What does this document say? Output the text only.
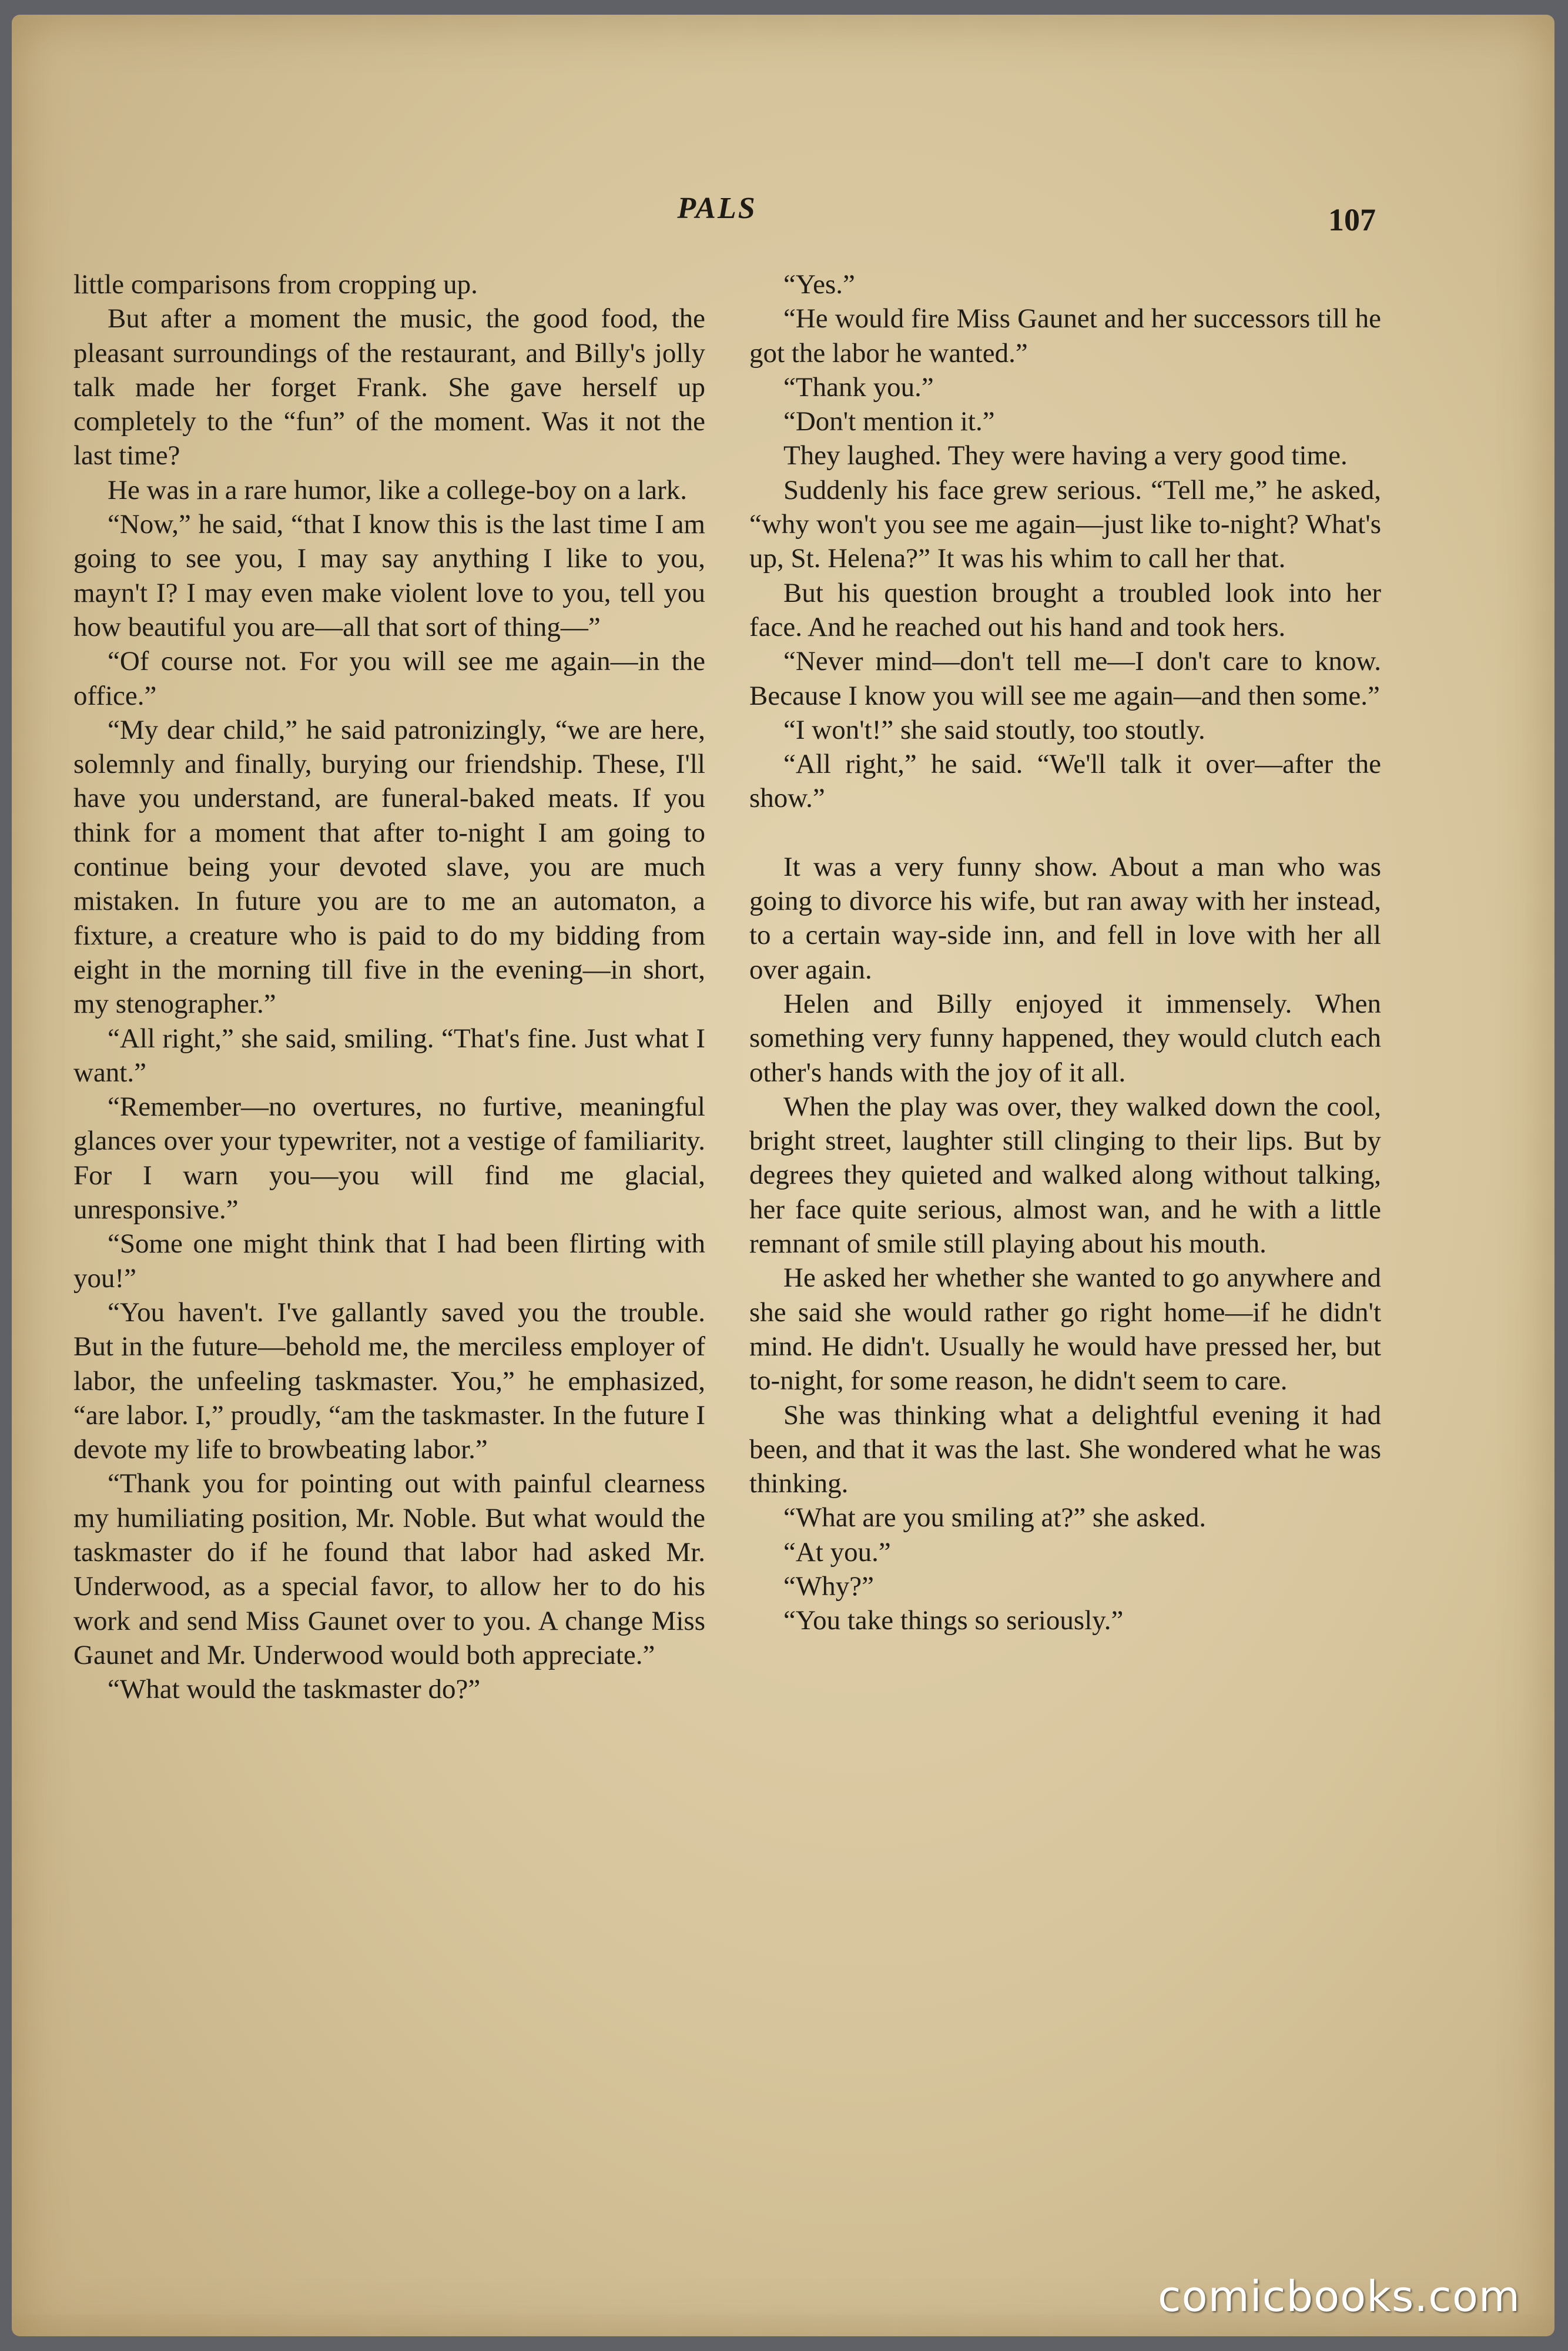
PALS	107

little comparisons from cropping up.

But after a moment the music, the good food, the pleasant surroundings of the restaurant, and Billy's jolly talk made her forget Frank. She gave herself up completely to the “fun” of the moment. Was it not the last time?

He was in a rare humor, like a college-boy on a lark.

“Now,” he said, “that I know this is the last time I am going to see you, I may say anything I like to you, mayn't I? I may even make violent love to you, tell you how beautiful you are—all that sort of thing—”

“Of course not. For you will see me again—in the office.”

“My dear child,” he said patronizingly, “we are here, solemnly and finally, burying our friendship. These, I'll have you understand, are funeral-baked meats. If you think for a moment that after to-night I am going to continue being your devoted slave, you are much mistaken. In future you are to me an automaton, a fixture, a creature who is paid to do my bidding from eight in the morning till five in the evening—in short, my stenographer.”

“All right,” she said, smiling. “That's fine. Just what I want.”

“Remember—no overtures, no furtive, meaningful glances over your typewriter, not a vestige of familiarity. For I warn you—you will find me glacial, unresponsive.”

“Some one might think that I had been flirting with you!”

“You haven't. I've gallantly saved you the trouble. But in the future—behold me, the merciless employer of labor, the unfeeling taskmaster. You,” he emphasized, “are labor. I,” proudly, “am the taskmaster. In the future I devote my life to browbeating labor.”

“Thank you for pointing out with painful clearness my humiliating position, Mr. Noble. But what would the taskmaster do if he found that labor had asked Mr. Underwood, as a special favor, to allow her to do his work and send Miss Gaunet over to you. A change Miss Gaunet and Mr. Underwood would both appreciate.”

“What would the taskmaster do?”

“Yes.”

“He would fire Miss Gaunet and her successors till he got the labor he wanted.”

“Thank you.”

“Don't mention it.”

They laughed. They were having a very good time.

Suddenly his face grew serious. “Tell me,” he asked, “why won't you see me again—just like to-night? What's up, St. Helena?” It was his whim to call her that.

But his question brought a troubled look into her face. And he reached out his hand and took hers.

“Never mind—don't tell me—I don't care to know. Because I know you will see me again—and then some.”

“I won't!” she said stoutly, too stoutly.

“All right,” he said. “We'll talk it over—after the show.”

It was a very funny show. About a man who was going to divorce his wife, but ran away with her instead, to a certain way-side inn, and fell in love with her all over again.

Helen and Billy enjoyed it immensely. When something very funny happened, they would clutch each other's hands with the joy of it all.

When the play was over, they walked down the cool, bright street, laughter still clinging to their lips. But by degrees they quieted and walked along without talking, her face quite serious, almost wan, and he with a little remnant of smile still playing about his mouth.

He asked her whether she wanted to go anywhere and she said she would rather go right home—if he didn't mind. He didn't. Usually he would have pressed her, but to-night, for some reason, he didn't seem to care.

She was thinking what a delightful evening it had been, and that it was the last. She wondered what he was thinking.

“What are you smiling at?” she asked.

“At you.”

“Why?”

“You take things so seriously.”

comicbooks.com
